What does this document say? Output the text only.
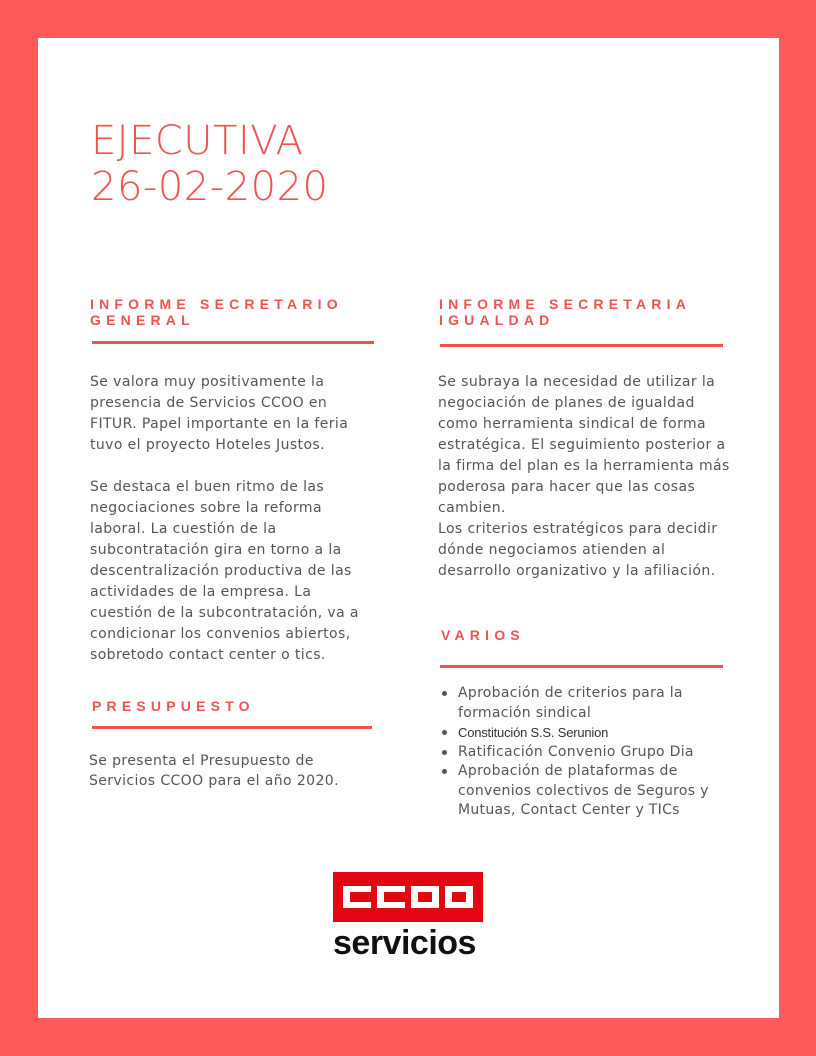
EJECUTIVA
26-02-2020
INFORME SECRETARIO
GENERAL

Se valora muy positivamente la presencia de Servicios CCOO en FITUR. Papel importante en la feria tuvo el proyecto Hoteles Justos.

Se destaca el buen ritmo de las negociaciones sobre la reforma laboral. La cuestión de la subcontratación gira en torno a la descentralización productiva de las actividades de la empresa. La cuestión de la subcontratación, va a condicionar los convenios abiertos, sobretodo contact center o tics.

PRESUPUESTO
Se presenta el Presupuesto de Servicios CCOO para el año 2020.
INFORME SECRETARIA
IGUALDAD

Se subraya la necesidad de utilizar la negociación de planes de igualdad como herramienta sindical de forma estratégica. El seguimiento posterior a la firma del plan es la herramienta más poderosa para hacer que las cosas cambien.

Los criterios estratégicos para decidir dónde negociamos atienden al desarrollo organizativo y la afiliación.

VARIOS
Aprobación de criterios para la formación sindical
Constitución S.S. Serunion
Ratificación Convenio Grupo Dia
Aprobación de plataformas de convenios colectivos de Seguros y Mutuas, Contact Center y TICs
servicios
